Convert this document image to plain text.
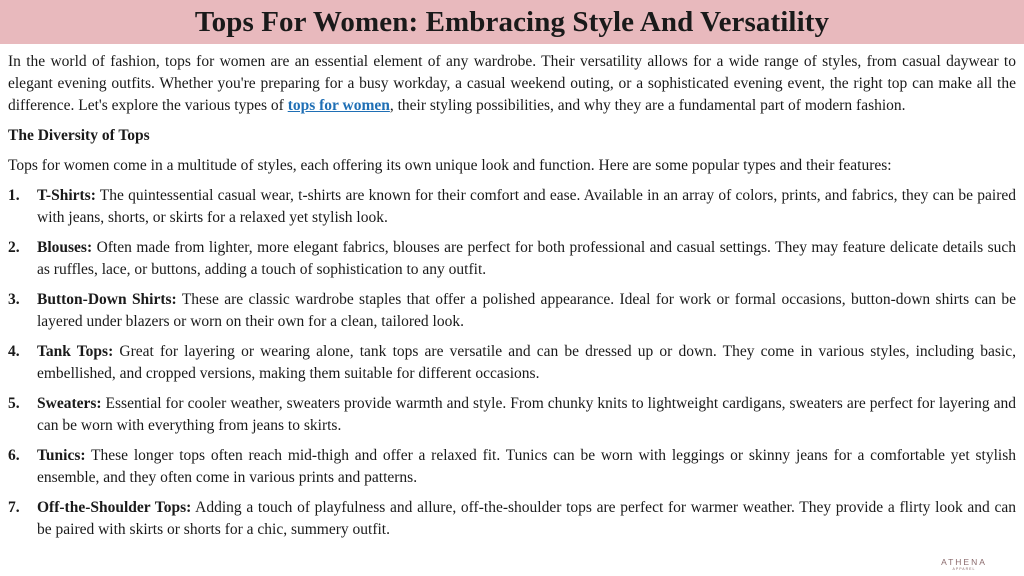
Tops For Women: Embracing Style And Versatility

In the world of fashion, tops for women are an essential element of any wardrobe. Their versatility allows for a wide range of styles, from casual daywear to elegant evening outfits. Whether you're preparing for a busy workday, a casual weekend outing, or a sophisticated evening event, the right top can make all the difference. Let's explore the various types of tops for women, their styling possibilities, and why they are a fundamental part of modern fashion.

The Diversity of Tops

Tops for women come in a multitude of styles, each offering its own unique look and function. Here are some popular types and their features:

1. T-Shirts: The quintessential casual wear, t-shirts are known for their comfort and ease. Available in an array of colors, prints, and fabrics, they can be paired with jeans, shorts, or skirts for a relaxed yet stylish look.
2. Blouses: Often made from lighter, more elegant fabrics, blouses are perfect for both professional and casual settings. They may feature delicate details such as ruffles, lace, or buttons, adding a touch of sophistication to any outfit.
3. Button-Down Shirts: These are classic wardrobe staples that offer a polished appearance. Ideal for work or formal occasions, button-down shirts can be layered under blazers or worn on their own for a clean, tailored look.
4. Tank Tops: Great for layering or wearing alone, tank tops are versatile and can be dressed up or down. They come in various styles, including basic, embellished, and cropped versions, making them suitable for different occasions.
5. Sweaters: Essential for cooler weather, sweaters provide warmth and style. From chunky knits to lightweight cardigans, sweaters are perfect for layering and can be worn with everything from jeans to skirts.
6. Tunics: These longer tops often reach mid-thigh and offer a relaxed fit. Tunics can be worn with leggings or skinny jeans for a comfortable yet stylish ensemble, and they often come in various prints and patterns.
7. Off-the-Shoulder Tops: Adding a touch of playfulness and allure, off-the-shoulder tops are perfect for warmer weather. They provide a flirty look and can be paired with skirts or shorts for a chic, summery outfit.
ATHENA
APPAREL
